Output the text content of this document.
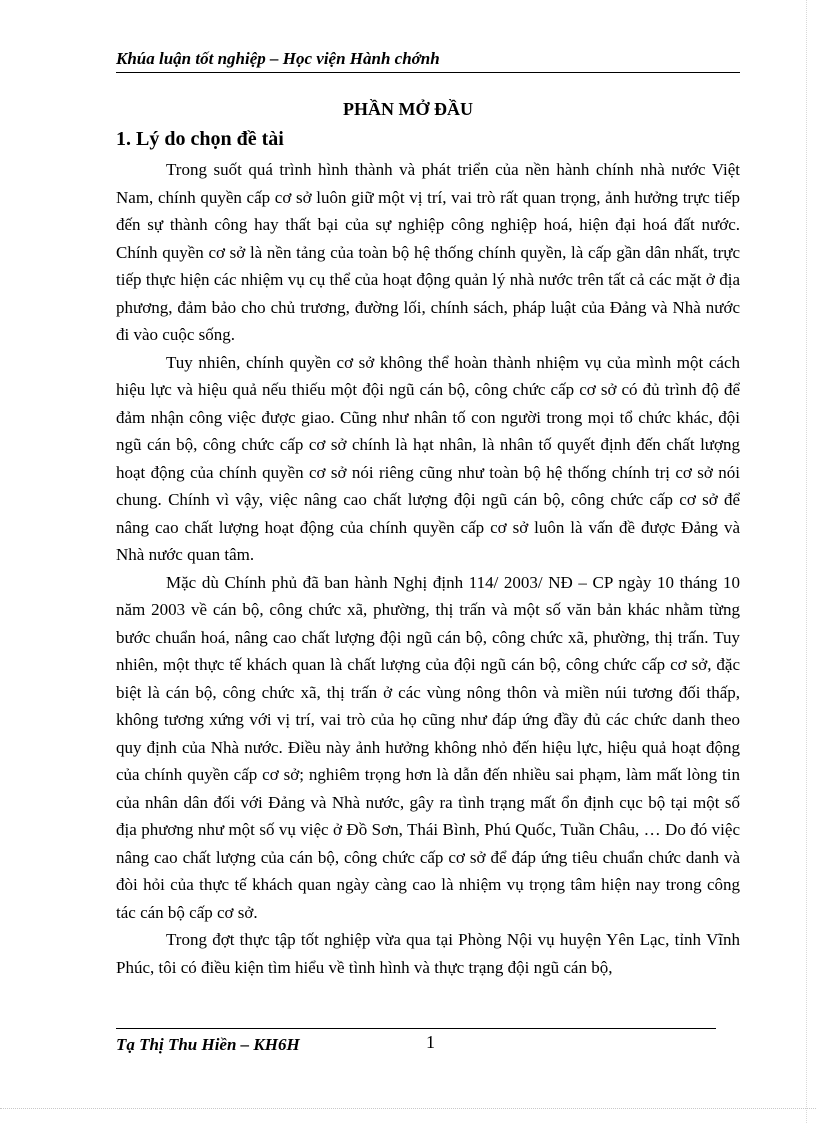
Khúa luận tốt nghiệp – Học viện Hành chớnh
PHẦN MỞ ĐẦU
1. Lý do chọn đề tài

Trong suốt quá trình hình thành và phát triển của nền hành chính nhà nước Việt Nam, chính quyền cấp cơ sở luôn giữ một vị trí, vai trò rất quan trọng, ảnh hưởng trực tiếp đến sự thành công hay thất bại của sự nghiệp công nghiệp hoá, hiện đại hoá đất nước. Chính quyền cơ sở là nền tảng của toàn bộ hệ thống chính quyền, là cấp gần dân nhất, trực tiếp thực hiện các nhiệm vụ cụ thể của hoạt động quản lý nhà nước trên tất cả các mặt ở địa phương, đảm bảo cho chủ trương, đường lối, chính sách, pháp luật của Đảng và Nhà nước đi vào cuộc sống.

Tuy nhiên, chính quyền cơ sở không thể hoàn thành nhiệm vụ của mình một cách hiệu lực và hiệu quả nếu thiếu một đội ngũ cán bộ, công chức cấp cơ sở có đủ trình độ để đảm nhận công việc được giao. Cũng như nhân tố con người trong mọi tổ chức khác, đội ngũ cán bộ, công chức cấp cơ sở chính là hạt nhân, là nhân tố quyết định đến chất lượng hoạt động của chính quyền cơ sở nói riêng cũng như toàn bộ hệ thống chính trị cơ sở nói chung. Chính vì vậy, việc nâng cao chất lượng đội ngũ cán bộ, công chức cấp cơ sở để nâng cao chất lượng hoạt động của chính quyền cấp cơ sở luôn là vấn đề được Đảng và Nhà nước quan tâm.

Mặc dù Chính phủ đã ban hành Nghị định 114/ 2003/ NĐ – CP ngày 10 tháng 10 năm 2003 về cán bộ, công chức xã, phường, thị trấn và một số văn bản khác nhằm từng bước chuẩn hoá, nâng cao chất lượng đội ngũ cán bộ, công chức xã, phường, thị trấn. Tuy nhiên, một thực tế khách quan là chất lượng của đội ngũ cán bộ, công chức cấp cơ sở, đặc biệt là cán bộ, công chức xã, thị trấn ở các vùng nông thôn và miền núi tương đối thấp, không tương xứng với vị trí, vai trò của họ cũng như đáp ứng đầy đủ các chức danh theo quy định của Nhà nước. Điều này ảnh hưởng không nhỏ đến hiệu lực, hiệu quả hoạt động của chính quyền cấp cơ sở; nghiêm trọng hơn là dẫn đến nhiều sai phạm, làm mất lòng tin của nhân dân đối với Đảng và Nhà nước, gây ra tình trạng mất ổn định cục bộ tại một số địa phương như một số vụ việc ở Đồ Sơn, Thái Bình, Phú Quốc, Tuần Châu, … Do đó việc nâng cao chất lượng của cán bộ, công chức cấp cơ sở để đáp ứng tiêu chuẩn chức danh và đòi hỏi của thực tế khách quan ngày càng cao là nhiệm vụ trọng tâm hiện nay trong công tác cán bộ cấp cơ sở.

Trong đợt thực tập tốt nghiệp vừa qua tại Phòng Nội vụ huyện Yên Lạc, tỉnh Vĩnh Phúc, tôi có điều kiện tìm hiểu về tình hình và thực trạng đội ngũ cán bộ,

Tạ Thị Thu Hiền – KH6H	1
